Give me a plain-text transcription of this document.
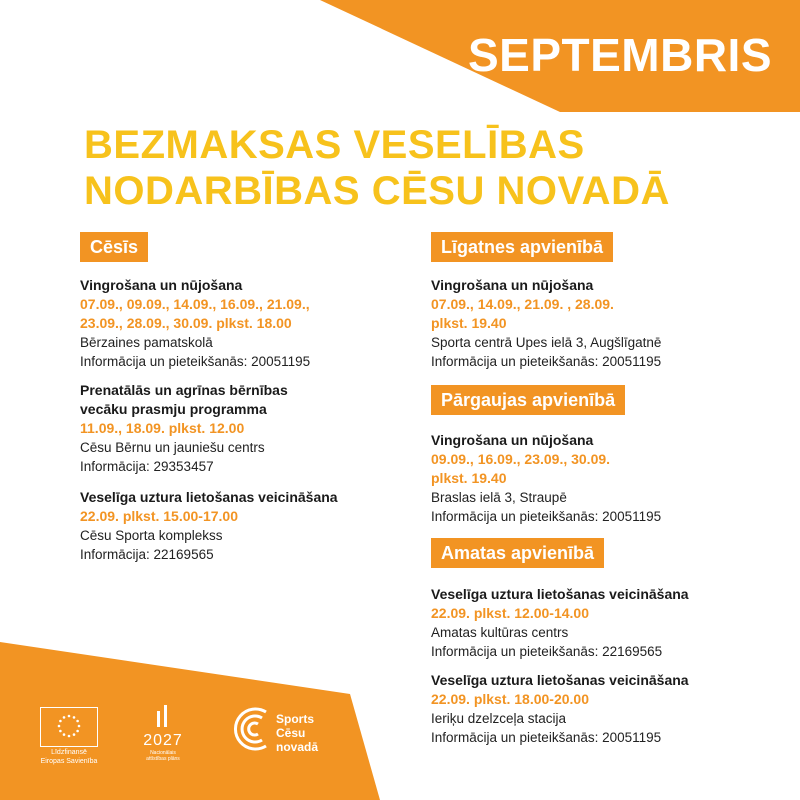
SEPTEMBRIS
BEZMAKSAS VESELĪBAS
NODARBĪBAS CĒSU NOVADĀ
Cēsīs
Vingrošana un nūjošana
07.09., 09.09., 14.09., 16.09., 21.09.,
23.09., 28.09., 30.09. plkst. 18.00
Bērzaines pamatskolā
Informācija un pieteikšanās: 20051195
Prenatālās un agrīnas bērnības
vecāku prasmju programma
11.09., 18.09. plkst. 12.00
Cēsu Bērnu un jauniešu centrs
Informācija: 29353457
Veselīga uztura lietošanas veicināšana
22.09. plkst. 15.00-17.00
Cēsu Sporta komplekss
Informācija: 22169565
Līgatnes apvienībā
Vingrošana un nūjošana
07.09., 14.09., 21.09. , 28.09.
plkst. 19.40
Sporta centrā Upes ielā 3, Augšlīgatnē
Informācija un pieteikšanās: 20051195
Pārgaujas apvienībā
Vingrošana un nūjošana
09.09., 16.09., 23.09., 30.09.
plkst. 19.40
Braslas ielā 3, Straupē
Informācija un pieteikšanās: 20051195
Amatas apvienībā
Veselīga uztura lietošanas veicināšana
22.09. plkst. 12.00-14.00
Amatas kultūras centrs
Informācija un pieteikšanās: 22169565
Veselīga uztura lietošanas veicināšana
22.09. plkst. 18.00-20.00
Ieriķu dzelzceļa stacija
Informācija un pieteikšanās: 20051195
Līdzfinansē
Eiropas Savienība
2027
Nacionālais
attīstības plāns
Sports
Cēsu
novadā
